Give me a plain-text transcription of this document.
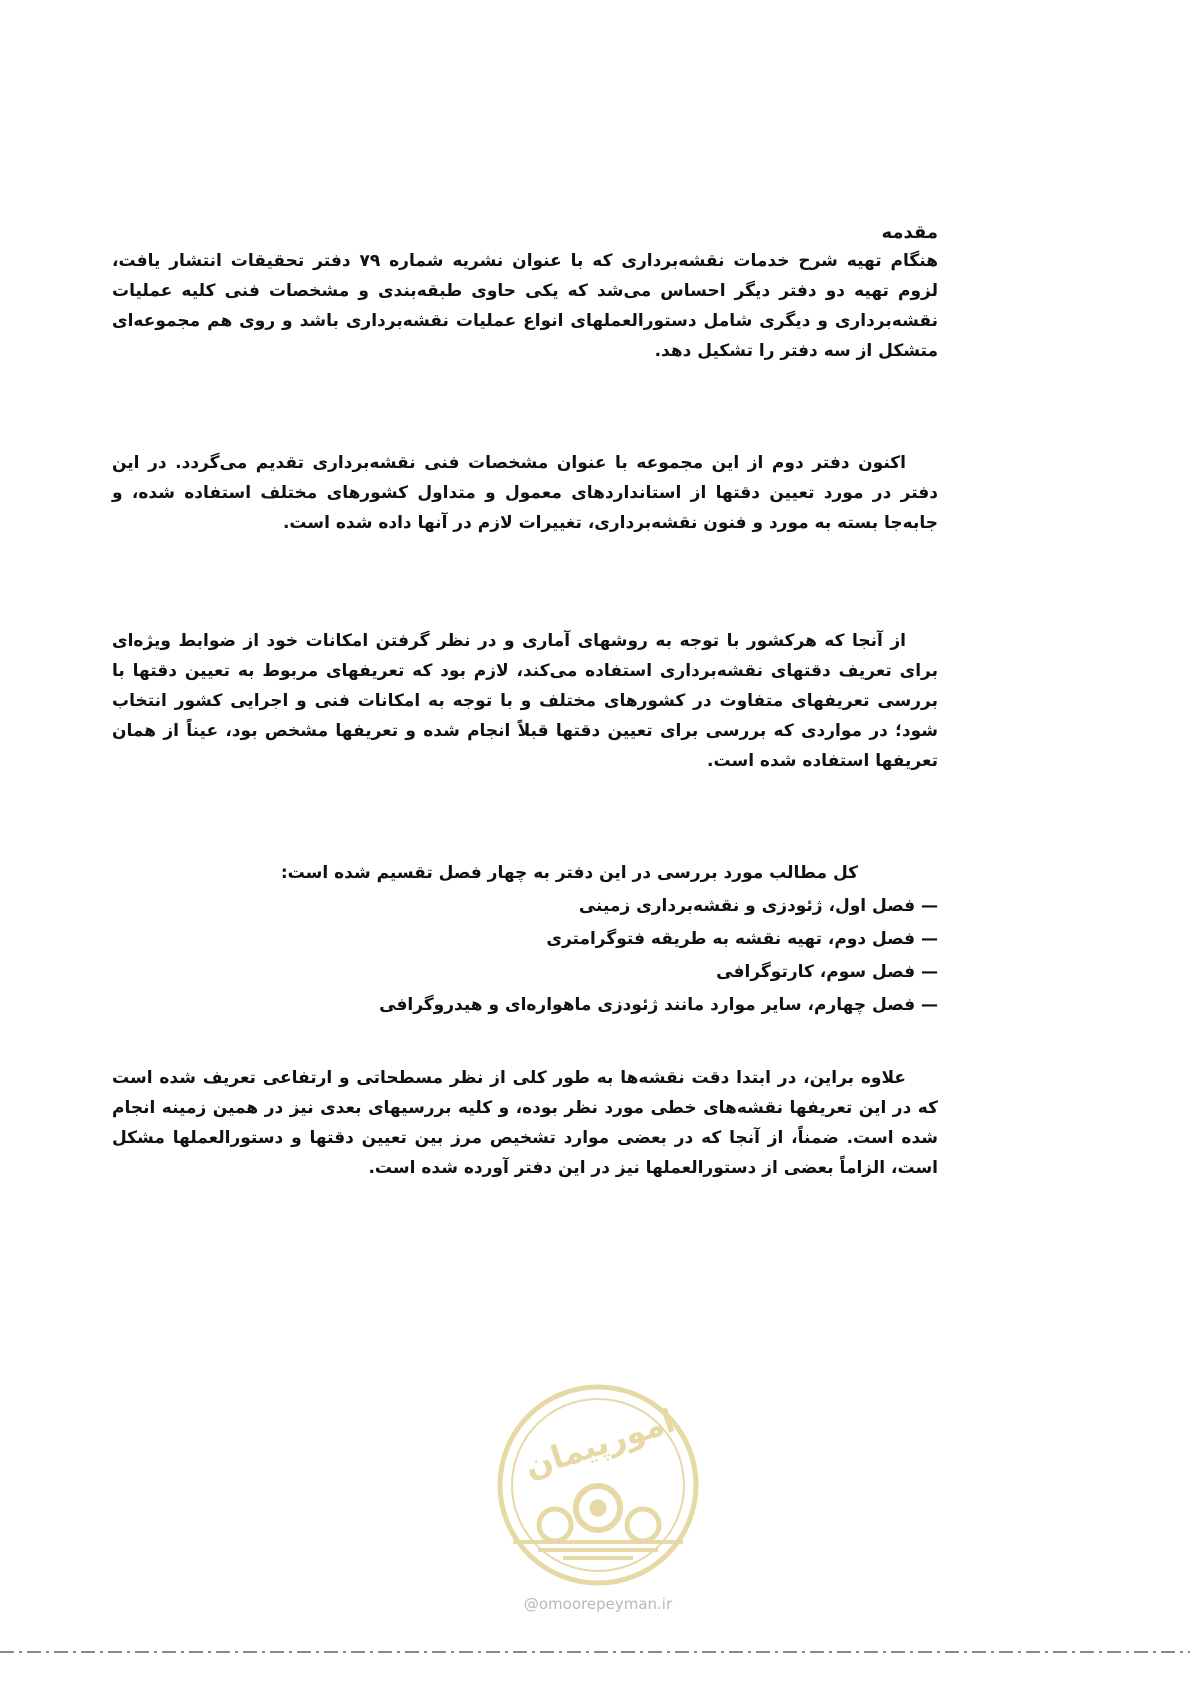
مقدمه

هنگام تهیه شرح خدمات نقشه‌برداری که با عنوان نشریه شماره ۷۹ دفتر تحقیقات انتشار یافت، لزوم تهیه دو دفتر دیگر احساس می‌شد که یکی حاوی طبقه‌بندی و مشخصات فنی کلیه عملیات نقشه‌برداری و دیگری شامل دستورالعملهای انواع عملیات نقشه‌برداری باشد و روی هم مجموعه‌ای متشکل از سه دفتر را تشکیل دهد.

اکنون دفتر دوم از این مجموعه با عنوان مشخصات فنی نقشه‌برداری تقدیم می‌گردد. در این دفتر در مورد تعیین دقتها از استانداردهای معمول و متداول کشورهای مختلف استفاده شده، و جابه‌جا بسته به مورد و فنون نقشه‌برداری، تغییرات لازم در آنها داده شده است.

از آنجا که هرکشور با توجه به روشهای آماری و در نظر گرفتن امکانات خود از ضوابط ویژه‌ای برای تعریف دقتهای نقشه‌برداری استفاده می‌کند، لازم بود که تعریفهای مربوط به تعیین دقتها با بررسی تعریفهای متفاوت در کشورهای مختلف و با توجه به امکانات فنی و اجرایی کشور انتخاب شود؛ در مواردی که بررسی برای تعیین دقتها قبلاً انجام شده و تعریفها مشخص بود، عیناً از همان تعریفها استفاده شده است.

کل مطالب مورد بررسی در این دفتر به چهار فصل تقسیم شده است:
— فصل اول، ژئودزی و نقشه‌برداری زمینی
— فصل دوم، تهیه نقشه به طریقه فتوگرامتری
— فصل سوم، کارتوگرافی
— فصل چهارم، سایر موارد مانند ژئودزی ماهواره‌ای و هیدروگرافی

علاوه براین، در ابتدا دقت نقشه‌ها به طور کلی از نظر مسطحاتی و ارتفاعی تعریف شده است که در این تعریفها نقشه‌های خطی مورد نظر بوده، و کلیه بررسیهای بعدی نیز در همین زمینه انجام شده است. ضمناً، از آنجا که در بعضی موارد تشخیص مرز بین تعیین دقتها و دستورالعملها مشکل است، الزاماً بعضی از دستورالعملها نیز در این دفتر آورده شده است.

امورپیمان
@omoorepeyman.ir
